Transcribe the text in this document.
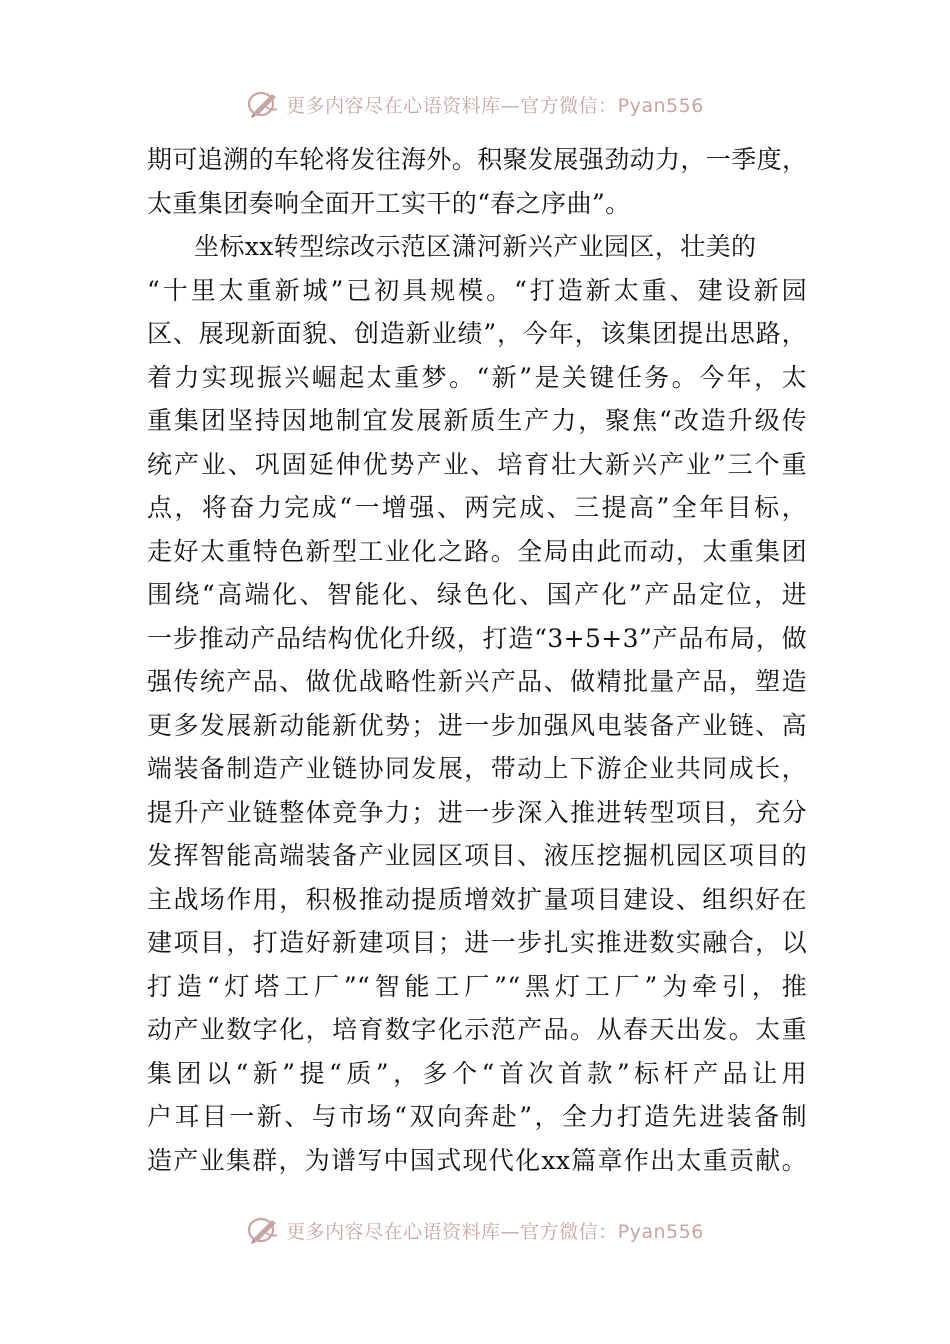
更多内容尽在心语资料库—官方微信：Pyan556
期可追溯的车轮将发往海外。积聚发展强劲动力，一季度，
太重集团奏响全面开工实干的“春之序曲”。
坐标xx转型综改示范区潇河新兴产业园区，壮美的
“十里太重新城”已初具规模。“打造新太重、建设新园
区、展现新面貌、创造新业绩”，今年，该集团提出思路，
着力实现振兴崛起太重梦。“新”是关键任务。今年，太
重集团坚持因地制宜发展新质生产力，聚焦“改造升级传
统产业、巩固延伸优势产业、培育壮大新兴产业”三个重
点，将奋力完成“一增强、两完成、三提高”全年目标，
走好太重特色新型工业化之路。全局由此而动，太重集团
围绕“高端化、智能化、绿色化、国产化”产品定位，进
一步推动产品结构优化升级，打造“3+5+3”产品布局，做
强传统产品、做优战略性新兴产品、做精批量产品，塑造
更多发展新动能新优势；进一步加强风电装备产业链、高
端装备制造产业链协同发展，带动上下游企业共同成长，
提升产业链整体竞争力；进一步深入推进转型项目，充分
发挥智能高端装备产业园区项目、液压挖掘机园区项目的
主战场作用，积极推动提质增效扩量项目建设、组织好在
建项目，打造好新建项目；进一步扎实推进数实融合，以
打造“灯塔工厂”“智能工厂”“黑灯工厂”为牵引，推
动产业数字化，培育数字化示范产品。从春天出发。太重
集团以“新”提“质”，多个“首次首款”标杆产品让用
户耳目一新、与市场“双向奔赴”，全力打造先进装备制
造产业集群，为谱写中国式现代化xx篇章作出太重贡献。
更多内容尽在心语资料库—官方微信：Pyan556
